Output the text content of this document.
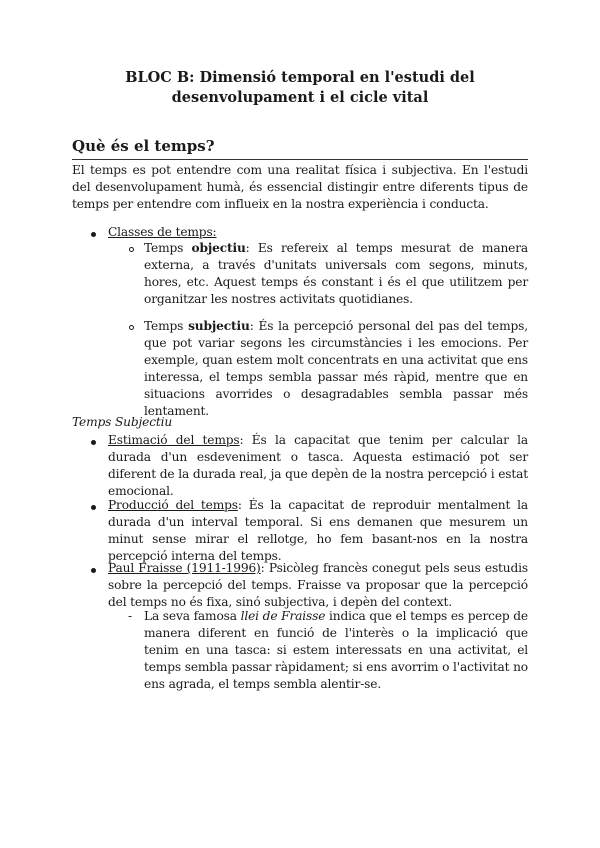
BLOC B: Dimensió temporal en l'estudi del
desenvolupament i el cicle vital
Què és el temps?
El temps es pot entendre com una realitat física i subjectiva. En l'estudi del desenvolupament humà, és essencial distingir entre diferents tipus de temps per entendre com influeix en la nostra experiència i conducta.
Classes de temps:
Temps objectiu: Es refereix al temps mesurat de manera externa, a través d'unitats universals com segons, minuts, hores, etc. Aquest temps és constant i és el que utilitzem per organitzar les nostres activitats quotidianes.
Temps subjectiu: És la percepció personal del pas del temps, que pot variar segons les circumstàncies i les emocions. Per exemple, quan estem molt concentrats en una activitat que ens interessa, el temps sembla passar més ràpid, mentre que en situacions avorrides o desagradables sembla passar més lentament.
Temps Subjectiu
Estimació del temps: És la capacitat que tenim per calcular la durada d'un esdeveniment o tasca. Aquesta estimació pot ser diferent de la durada real, ja que depèn de la nostra percepció i estat emocional.
Producció del temps: És la capacitat de reproduir mentalment la durada d'un interval temporal. Si ens demanen que mesurem un minut sense mirar el rellotge, ho fem basant-nos en la nostra percepció interna del temps.
Paul Fraisse (1911-1996): Psicòleg francès conegut pels seus estudis sobre la percepció del temps. Fraisse va proposar que la percepció del temps no és fixa, sinó subjectiva, i depèn del context.
- La seva famosa llei de Fraisse indica que el temps es percep de manera diferent en funció de l'interès o la implicació que tenim en una tasca: si estem interessats en una activitat, el temps sembla passar ràpidament; si ens avorrim o l'activitat no ens agrada, el temps sembla alentir-se.
